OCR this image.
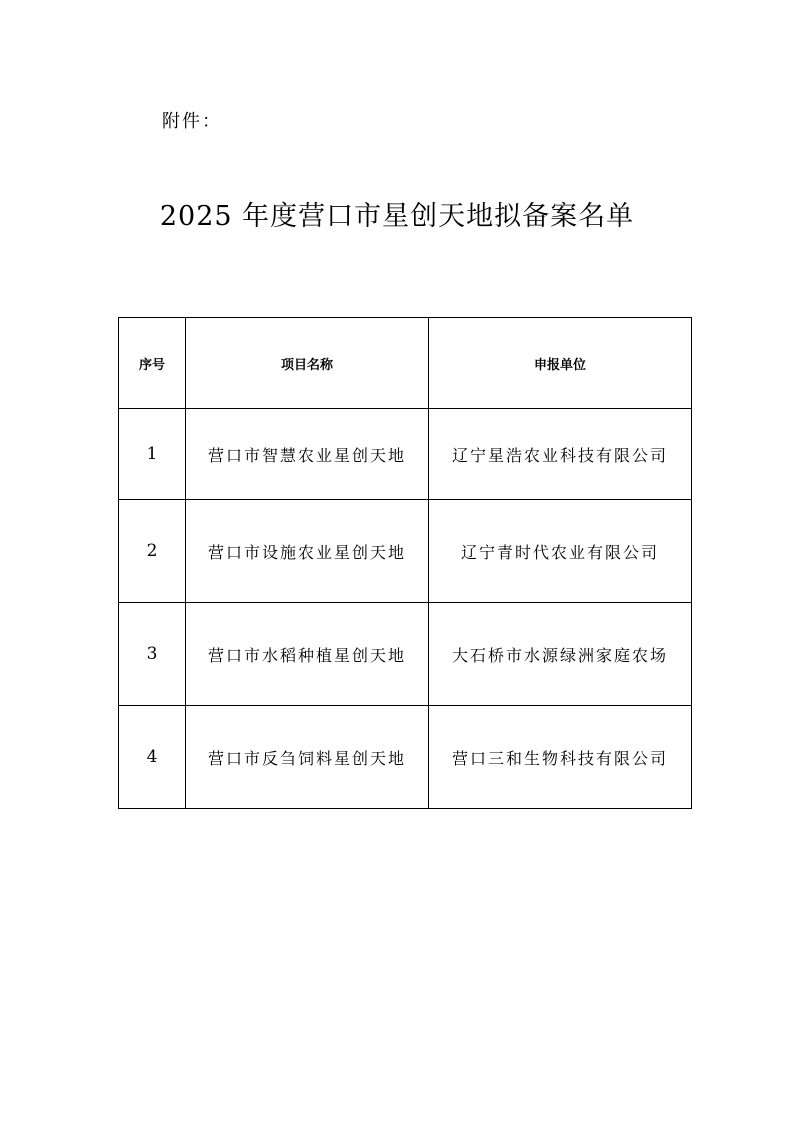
附件：
2025 年度营口市星创天地拟备案名单
序号	项目名称	申报单位
1	营口市智慧农业星创天地	辽宁星浩农业科技有限公司
2	营口市设施农业星创天地	辽宁青时代农业有限公司
3	营口市水稻种植星创天地	大石桥市水源绿洲家庭农场
4	营口市反刍饲料星创天地	营口三和生物科技有限公司
